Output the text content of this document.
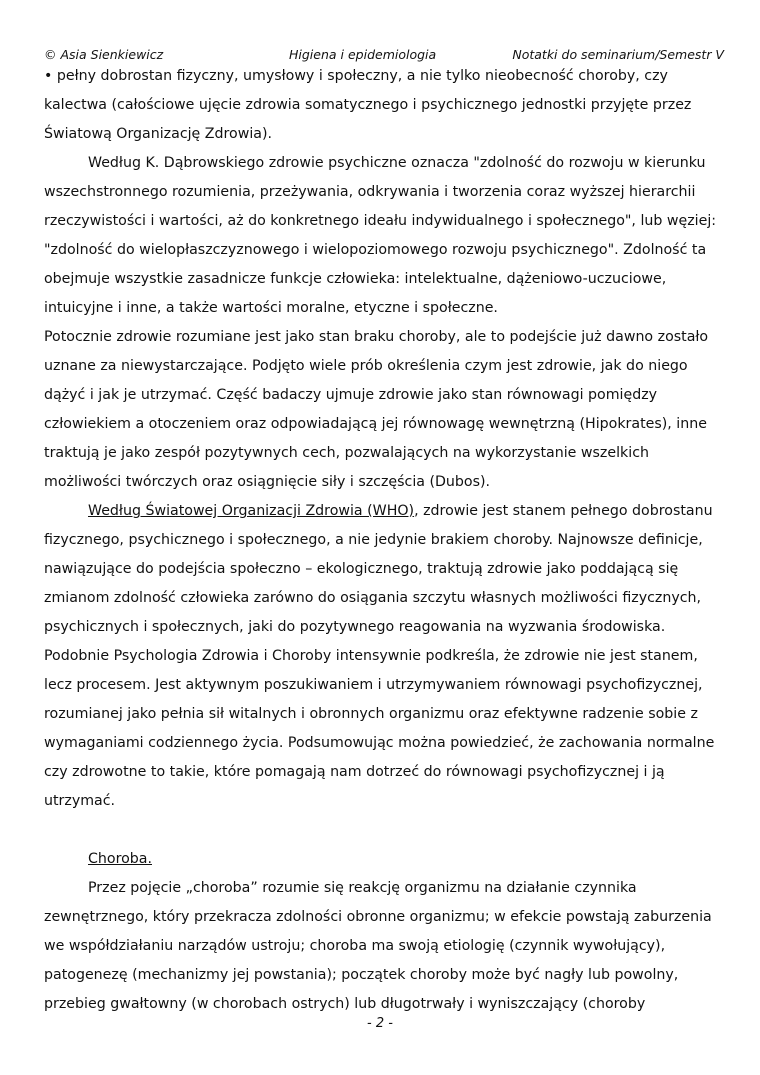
© Asia Sienkiewicz	Higiena i epidemiologia	Notatki do seminarium/Semestr V

• pełny dobrostan fizyczny, umysłowy i społeczny, a nie tylko nieobecność choroby, czy kalectwa (całościowe ujęcie zdrowia somatycznego i psychicznego jednostki przyjęte przez Światową Organizację Zdrowia).

Według K. Dąbrowskiego zdrowie psychiczne oznacza "zdolność do rozwoju w kierunku wszechstronnego rozumienia, przeżywania, odkrywania i tworzenia coraz wyższej hierarchii rzeczywistości i wartości, aż do konkretnego ideału indywidualnego i społecznego", lub węziej: "zdolność do wielopłaszczyznowego i wielopoziomowego rozwoju psychicznego". Zdolność ta obejmuje wszystkie zasadnicze funkcje człowieka: intelektualne, dążeniowo-uczuciowe, intuicyjne i inne, a także wartości moralne, etyczne i społeczne.

Potocznie zdrowie rozumiane jest jako stan braku choroby, ale to podejście już dawno zostało uznane za niewystarczające. Podjęto wiele prób określenia czym jest zdrowie, jak do niego dążyć i jak je utrzymać. Część badaczy ujmuje zdrowie jako stan równowagi pomiędzy człowiekiem a otoczeniem oraz odpowiadającą jej równowagę wewnętrzną (Hipokrates), inne traktują je jako zespół pozytywnych cech, pozwalających na wykorzystanie wszelkich możliwości twórczych oraz osiągnięcie siły i szczęścia (Dubos).

Według Światowej Organizacji Zdrowia (WHO), zdrowie jest stanem pełnego dobrostanu fizycznego, psychicznego i społecznego, a nie jedynie brakiem choroby. Najnowsze definicje, nawiązujące do podejścia społeczno – ekologicznego, traktują zdrowie jako poddającą się zmianom zdolność człowieka zarówno do osiągania szczytu własnych możliwości fizycznych, psychicznych i społecznych, jaki do pozytywnego reagowania na wyzwania środowiska. Podobnie Psychologia Zdrowia i Choroby intensywnie podkreśla, że zdrowie nie jest stanem, lecz procesem. Jest aktywnym poszukiwaniem i utrzymywaniem równowagi psychofizycznej, rozumianej jako pełnia sił witalnych i obronnych organizmu oraz efektywne radzenie sobie z wymaganiami codziennego życia. Podsumowując można powiedzieć, że zachowania normalne czy zdrowotne to takie, które pomagają nam dotrzeć do równowagi psychofizycznej i ją utrzymać.

Choroba.

Przez pojęcie „choroba” rozumie się reakcję organizmu na działanie czynnika zewnętrznego, który przekracza zdolności obronne organizmu; w efekcie powstają zaburzenia we współdziałaniu narządów ustroju; choroba ma swoją etiologię (czynnik wywołujący), patogenezę (mechanizmy jej powstania); początek choroby może być nagły lub powolny, przebieg gwałtowny (w chorobach ostrych) lub długotrwały i wyniszczający (choroby

- 2 -
